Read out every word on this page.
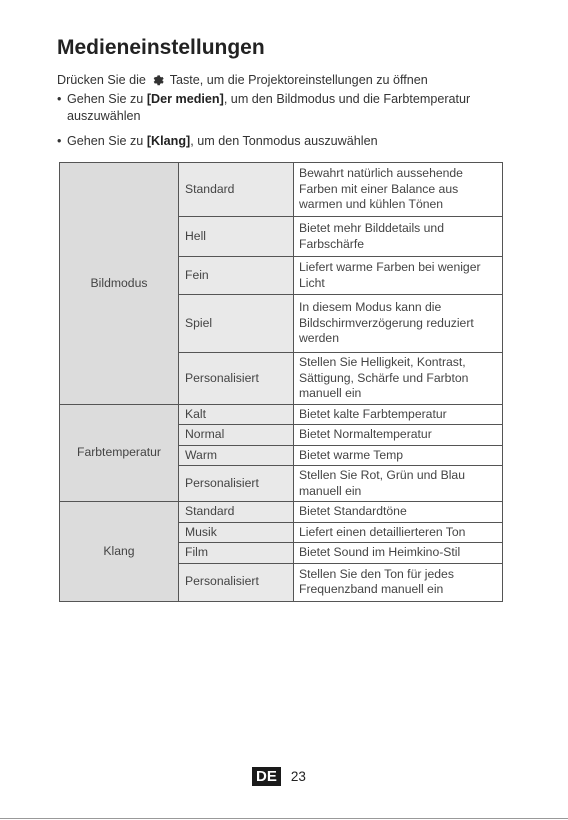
Medieneinstellungen

Drücken Sie die Taste, um die Projektoreinstellungen zu öffnen

• Gehen Sie zu [Der medien], um den Bildmodus und die Farbtemperatur auszuwählen
• Gehen Sie zu [Klang], um den Tonmodus auszuwählen
Bildmodus	Standard	Bewahrt natürlich aussehende Farben mit einer Balance aus warmen und kühlen Tönen
	Hell	Bietet mehr Bilddetails und Farbschärfe
	Fein	Liefert warme Farben bei weniger Licht
	Spiel	In diesem Modus kann die Bildschirmverzögerung reduziert werden
	Personalisiert	Stellen Sie Helligkeit, Kontrast, Sättigung, Schärfe und Farbton manuell ein
Farbtemperatur	Kalt	Bietet kalte Farbtemperatur
	Normal	Bietet Normaltemperatur
	Warm	Bietet warme Temp
	Personalisiert	Stellen Sie Rot, Grün und Blau manuell ein
Klang	Standard	Bietet Standardtöne
	Musik	Liefert einen detaillierteren Ton
	Film	Bietet Sound im Heimkino-Stil
	Personalisiert	Stellen Sie den Ton für jedes Frequenzband manuell ein
DE 23
